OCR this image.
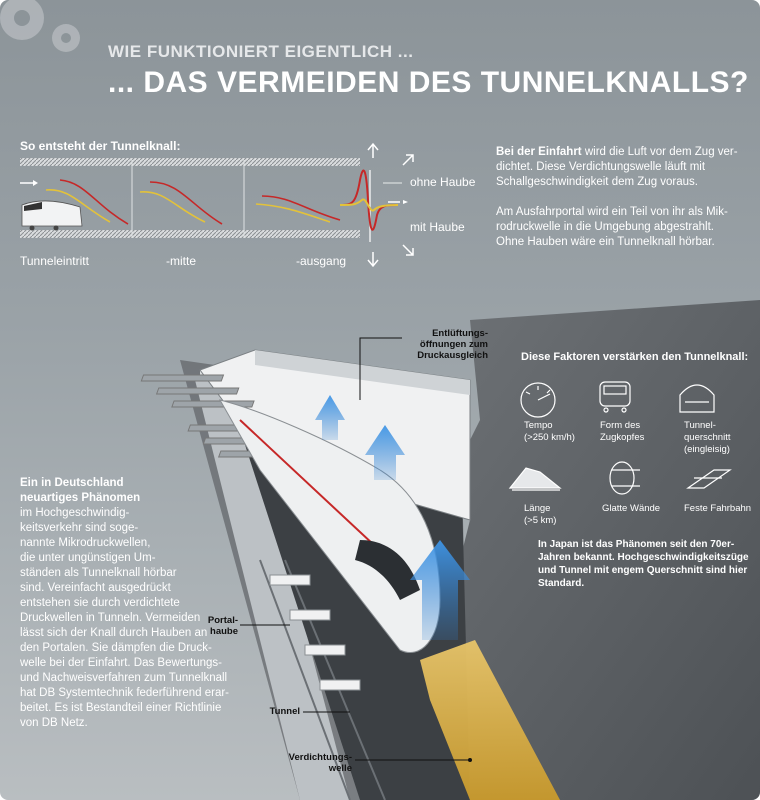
WIE FUNKTIONIERT EIGENTLICH ...
... DAS VERMEIDEN DES TUNNELKNALLS?
So entsteht der Tunnelknall:
Tunneleintritt	-mitte	-ausgang
ohne Haube
mit Haube
Bei der Einfahrt wird die Luft vor dem Zug ver-
dichtet. Diese Verdichtungswelle läuft mit
Schallgeschwindigkeit dem Zug voraus.

Am Ausfahrportal wird ein Teil von ihr als Mik-
rodruckwelle in die Umgebung abgestrahlt.
Ohne Hauben wäre ein Tunnelknall hörbar.
Entlüftungs-
öffnungen zum
Druckausgleich	Diese Faktoren verstärken den Tunnelknall:
Tempo
(>250 km/h)
Form des
Zugkopfes
Tunnel-
querschnitt
(eingleisig)
Länge
(>5 km)
Glatte Wände	Feste Fahrbahn
In Japan ist das Phänomen seit den 70er-
Jahren bekannt. Hochgeschwindigkeitszüge
und Tunnel mit engem Querschnitt sind hier
Standard.
Ein in Deutschland
neuartiges Phänomen
im Hochgeschwindig-
keitsverkehr sind soge-
nannte Mikrodruckwellen,
die unter ungünstigen Um-
ständen als Tunnelknall hörbar
sind. Vereinfacht ausgedrückt
entstehen sie durch verdichtete
Druckwellen in Tunneln. Vermeiden
lässt sich der Knall durch Hauben an
den Portalen. Sie dämpfen die Druck-
welle bei der Einfahrt. Das Bewertungs-
und Nachweisverfahren zum Tunnelknall
hat DB Systemtechnik federführend erar-
beitet. Es ist Bestandteil einer Richtlinie
von DB Netz.
Portal-
haube
Tunnel
Verdichtungs-
welle
